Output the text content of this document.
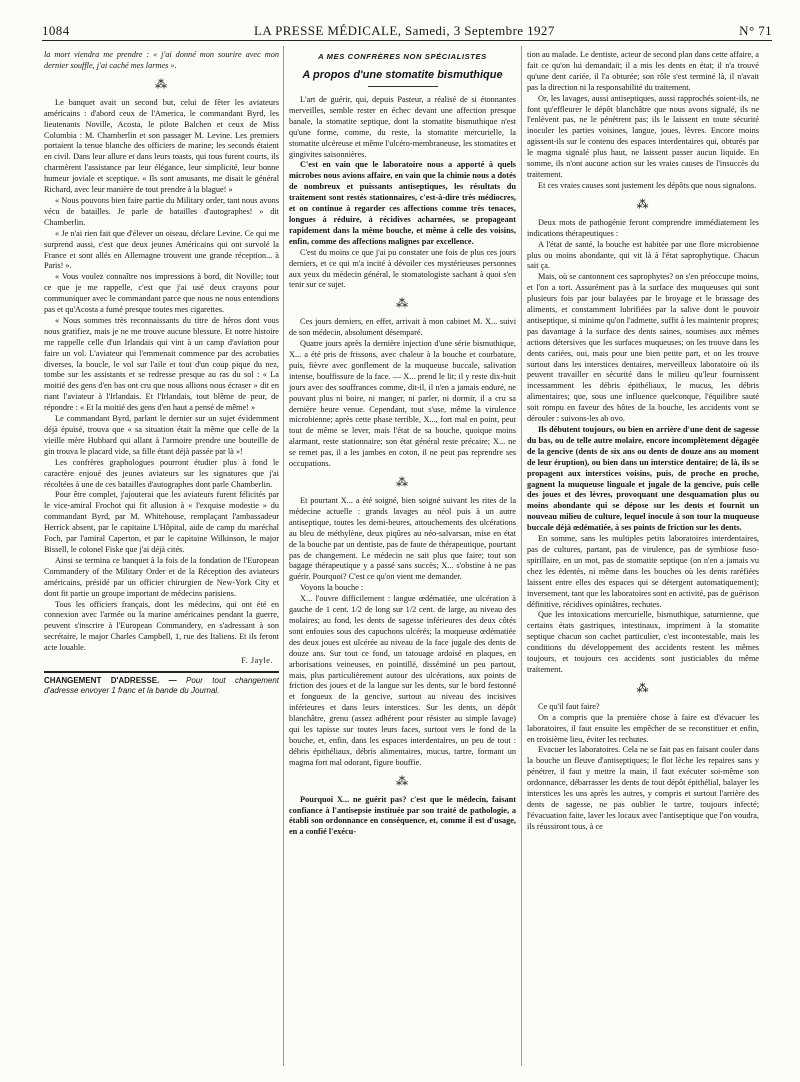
1084	LA PRESSE MÉDICALE, Samedi, 3 Septembre 1927	N° 71

la mort viendra me prendre : « j'ai donné mon sourire avec mon dernier souffle, j'ai caché mes larmes ».

⁂

Le banquet avait un second but, celui de fêter les aviateurs américains : d'abord ceux de l'America, le commandant Byrd, les lieutenants Noville, Acosta, le pilote Balchen et ceux de Miss Columbia : M. Chamberlin et son passager M. Levine. Les premiers portaient la tenue blanche des officiers de marine; les seconds étaient en civil. Dans leur allure et dans leurs toasts, qui tous furent courts, ils charmèrent l'assistance par leur élégance, leur simplicité, leur bonne humeur joviale et sceptique. « Ils sont amusants, me disait le général Richard, avec leur manière de tout prendre à la blague! »

« Nous pouvons bien faire partie du Military order, tant nous avons vécu de batailles. Je parle de batailles d'autographes! » dit Chamberlin.

« Je n'ai rien fait que d'élever un oiseau, déclare Levine. Ce qui me surprend aussi, c'est que deux jeunes Américains qui ont survolé la France et sont allés en Allemagne trouvent une grande réception... à Paris! ».

« Vous voulez connaître nos impressions à bord, dit Noville; tout ce que je me rappelle, c'est que j'ai usé deux crayons pour communiquer avec le commandant parce que nous ne nous entendions pas et qu'Acosta a fumé presque toutes mes cigarettes.

« Nous sommes très reconnaissants du titre de héros dont vous nous gratifiez, mais je ne me trouve aucune blessure. Et notre histoire me rappelle celle d'un Irlandais qui vint à un camp d'aviation pour faire un vol. L'aviateur qui l'emmenait commence par des acrobaties diverses, la boucle, le vol sur l'aile et tout d'un coup pique du nez, tombe sur les assistants et se redresse presque au ras du sol : « La moitié des gens d'en bas ont cru que nous allions nous écraser » dit en riant l'aviateur à l'Irlandais. Et l'Irlandais, tout blême de peur, de répondre : « Et la moitié des gens d'en haut a pensé de même! »

Le commandant Byrd, parlant le dernier sur un sujet évidemment déjà épuisé, trouva que « sa situation était la même que celle de la vieille mère Hubbard qui allant à l'armoire prendre une bouteille de gin trouva le placard vide, sa fille étant déjà passée par là »!

Les confrères graphologues pourront étudier plus à fond le caractère enjoué des jeunes aviateurs sur les signatures que j'ai récoltées à une de ces batailles d'autographes dont parle Chamberlin.

Pour être complet, j'ajouterai que les aviateurs furent félicités par le vice-amiral Frochot qui fit allusion à « l'exquise modestie » du commandant Byrd, par M. Whitehouse, remplaçant l'ambassadeur Herrick absent, par le capitaine L'Hôpital, aide de camp du maréchal Foch, par l'amiral Caperton, et par le capitaine Wilkinson, le major Bissell, le colonel Fiske que j'ai déjà cités.

Ainsi se termina ce banquet à la fois de la fondation de l'European Commandery of the Military Order et de la Réception des aviateurs américains, présidé par un officier chirurgien de New-York City et dont fit partie un groupe important de médecins parisiens.

Tous les officiers français, dont les médecins, qui ont été en connexion avec l'armée ou la marine américaines pendant la guerre, peuvent s'inscrire à l'European Commandery, en s'adressant à son secrétaire, le major Charles Campbell, 1, rue des Italiens. Et ils feront acte louable.

F. Jayle.
CHANGEMENT D'ADRESSE. — Pour tout changement d'adresse envoyer 1 franc et la bande du Journal.
A MES CONFRÈRES NON SPÉCIALISTES
A propos d'une stomatite bismuthique

L'art de guérir, qui, depuis Pasteur, a réalisé de si étonnantes merveilles, semble rester en échec devant une affection presque banale, la stomatite septique, dont la stomatite bismuthique n'est qu'une forme, comme, du reste, la stomatite mercurielle, la stomatite ulcéreuse et même l'ulcéro-membraneuse, les stomatites et gingivites saisonnières.

C'est en vain que le laboratoire nous a apporté à quels microbes nous avions affaire, en vain que la chimie nous a dotés de nombreux et puissants antiseptiques, les résultats du traitement sont restés stationnaires, c'est-à-dire très médiocres, et on continue à regarder ces affections comme très tenaces, longues à réduire, à récidives acharnées, se propageant rapidement dans la même bouche, et même à celle des voisins, enfin, comme des affections malignes par excellence.

C'est du moins ce que j'ai pu constater une fois de plus ces jours derniers, et ce qui m'a incité à dévoiler ces mystérieuses personnes aux yeux du médecin général, le stomatologiste sachant à quoi s'en tenir sur ce sujet.

⁂

Ces jours derniers, en effet, arrivait à mon cabinet M. X... suivi de son médecin, absolument désemparé.

Quatre jours après la dernière injection d'une série bismuthique, X... a été pris de frissons, avec chaleur à la bouche et courbature, puis, fièvre avec gonflement de la muqueuse buccale, salivation intense, bouffissure de la face. — X... prend le lit; il y reste dix-huit jours avec des souffrances comme, dit-il, il n'en a jamais enduré, ne pouvant plus ni boire, ni manger, ni parler, ni dormir, il a cru sa dernière heure venue. Cependant, tout s'use, même la virulence microbienne; après cette phase terrible, X..., fort mal en point, peut tout de même se lever, mais l'état de sa bouche, quoique moins alarmant, reste stationnaire; son état général reste précaire; X... ne se remet pas, il a les jambes en coton, il ne peut pas reprendre ses occupations.

⁂

Et pourtant X... a été soigné, bien soigné suivant les rites de la médecine actuelle : grands lavages au néol puis à un autre antiseptique, toutes les demi-heures, attouchements des ulcérations au bleu de méthylène, deux piqûres au néo-salvarsan, mise en état de la bouche par un dentiste, pas de faute de thérapeutique, pourtant pas de changement. Le médecin ne sait plus que faire; tout son bagage thérapeutique y a passé sans succès; X... s'obstine à ne pas guérir. Pourquoi? C'est ce qu'on vient me demander.

Voyons la bouche :

X... l'ouvre difficilement : langue œdématiée, une ulcération à gauche de 1 cent. 1/2 de long sur 1/2 cent. de large, au niveau des molaires; au fond, les dents de sagesse inférieures des deux côtés sont enfouies sous des capuchons ulcérés; la muqueuse œdématiée des deux joues est ulcérée au niveau de la face jugale des dents de douze ans. Sur tout ce fond, un tatouage ardoisé en plaques, en arborisations veineuses, en pointillé, disséminé un peu partout, mais, plus particulièrement autour des ulcérations, aux points de friction des joues et de la langue sur les dents, sur le bord festonné et fongueux de la gencive, surtout au niveau des incisives inférieures et dans leurs interstices. Sur les dents, un dépôt blanchâtre, grenu (assez adhérent pour résister au simple lavage) qui les tapisse sur toutes leurs faces, surtout vers le fond de la bouche, et, enfin, dans les espaces interdentaires, un peu de tout : débris épithéliaux, débris alimentaires, mucus, tartre, formant un magma fort mal odorant, figure bouffie.

⁂

Pourquoi X... ne guérit pas? c'est que le médecin, faisant confiance à l'antisepsie instituée par son traité de pathologie, a établi son ordonnance en conséquence, et, comme il est d'usage, en a confié l'exécu-

tion au malade. Le dentiste, acteur de second plan dans cette affaire, a fait ce qu'on lui demandait; il a mis les dents en état; il n'a trouvé qu'une dent cariée, il l'a obturée; son rôle s'est terminé là, il n'avait pas la direction ni la responsabilité du traitement.

Or, les lavages, aussi antiseptiques, aussi rapprochés soient-ils, ne font qu'effleurer le dépôt blanchâtre que nous avons signalé, ils ne l'enlèvent pas, ne le pénètrent pas; ils le laissent en toute sécurité inoculer les parties voisines, langue, joues, lèvres. Encore moins agissent-ils sur le contenu des espaces interdentaires qui, obturés par le magma signalé plus haut, ne laissent passer aucun liquide. En somme, ils n'ont aucune action sur les vraies causes de l'insuccès du traitement.

Et ces vraies causes sont justement les dépôts que nous signalons.

⁂

Deux mots de pathogénie feront comprendre immédiatement les indications thérapeutiques :

A l'état de santé, la bouche est habitée par une flore microbienne plus ou moins abondante, qui vit là à l'état saprophytique. Chacun sait ça.

Mais, où se cantonnent ces saprophytes? on s'en préoccupe moins, et l'on a tort. Assurément pas à la surface des muqueuses qui sont plusieurs fois par jour balayées par le broyage et le brassage des aliments, et constamment lubrifiées par la salive dont le pouvoir antiseptique, si minime qu'on l'admette, suffit à les maintenir propres; pas davantage à la surface des dents saines, soumises aux mêmes actions détersives que les surfaces muqueuses; on les trouve dans les dents cariées, oui, mais pour une bien petite part, et on les trouve surtout dans les interstices dentaires, merveilleux laboratoire où ils peuvent travailler en sécurité dans le milieu qu'leur fournissent incessamment les débris épithéliaux, le mucus, les débris alimentaires; que, sous une influence quelconque, l'équilibre sauté soit rompu en faveur des hôtes de la bouche, les accidents vont se dérouler : suivons-les ab ovo.

Ils débutent toujours, ou bien en arrière d'une dent de sagesse du bas, ou de telle autre molaire, encore incomplètement dégagée de la gencive (dents de six ans ou dents de douze ans au moment de leur éruption), ou bien dans un interstice dentaire; de là, ils se propagent aux interstices voisins, puis, de proche en proche, gagnent la muqueuse linguale et jugale de la gencive, puis celle des joues et des lèvres, provoquant une desquamation plus ou moins abondante qui se dépose sur les dents et fournit un nouveau milieu de culture, lequel inocule à son tour la muqueuse buccale déjà œdématiée, à ses points de friction sur les dents.

En somme, sans les multiples petits laboratoires interdentaires, pas de cultures, partant, pas de virulence, pas de symbiose fuso-spirillaire, en un mot, pas de stomatite septique (on n'en a jamais vu chez les édentés, ni même dans les bouches où les dents raréfiées laissent entre elles des espaces qui se détergent automatiquement); inversement, tant que les laboratoires sont en activité, pas de guérison définitive, récidives opiniâtres, rechutes.

Que les intoxications mercurielle, bismuthique, saturnienne, que certains états gastriques, intestinaux, impriment à la stomatite septique chacun son cachet particulier, c'est incontestable, mais les conditions du développement des accidents restent les mêmes toujours, et toujours ces accidents sont justiciables du même traitement.

⁂

Ce qu'il faut faire?

On a compris que la première chose à faire est d'évacuer les laboratoires, il faut ensuite les empêcher de se reconstituer et enfin, en troisième lieu, éviter les rechutes.

Evacuer les laboratoires. Cela ne se fait pas en faisant couler dans la bouche un fleuve d'antiseptiques; le flot lèche les repaires sans y pénétrer, il faut y mettre la main, il faut exécuter soi-même son ordonnance, débarrasser les dents de tout dépôt épithélial, balayer les interstices les uns après les autres, y compris et surtout l'arrière des dents de sagesse, ne pas oublier le tartre, toujours infecté; l'évacuation faite, laver les locaux avec l'antiseptique que l'on voudra, ils réussiront tous, à ce
